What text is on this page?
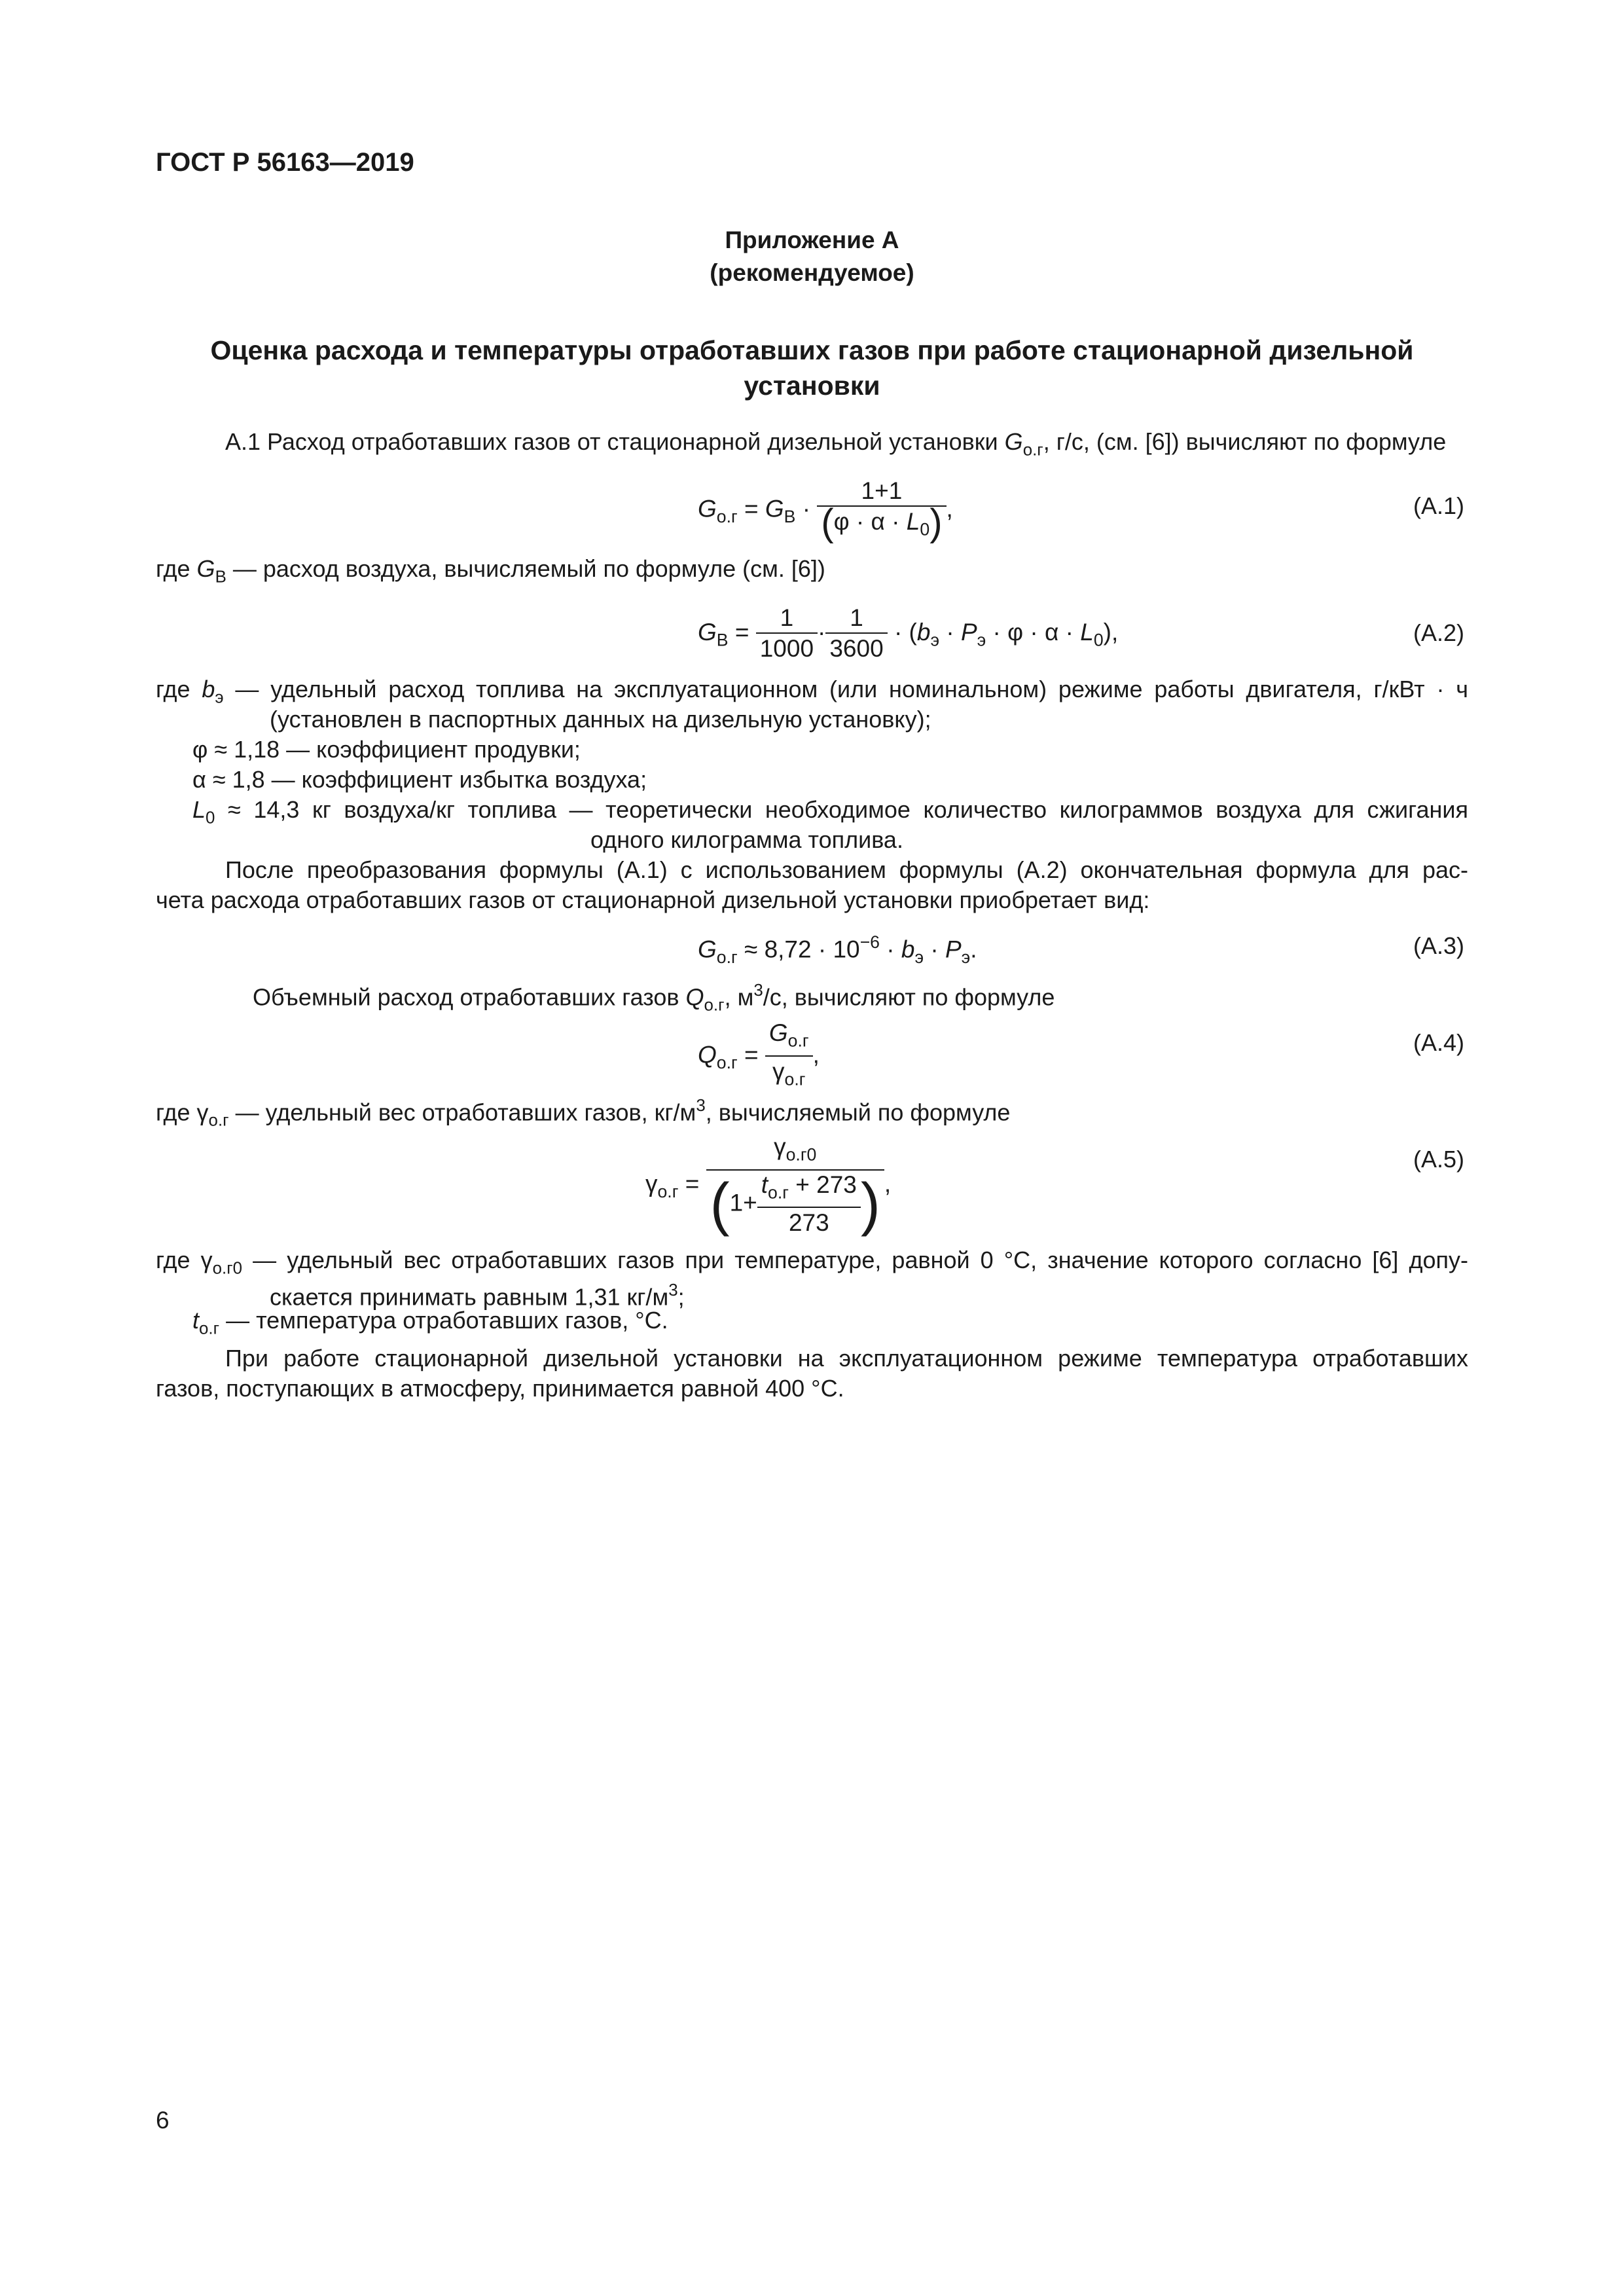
ГОСТ Р 56163—2019
Приложение А
(рекомендуемое)
Оценка расхода и температуры отработавших газов при работе стационарной дизельной
установки
А.1 Расход отработавших газов от стационарной дизельной установки $G_{о.г}$, г/с, (см. [6]) вычисляют по формуле
$G_{о.г} = G_В \cdot \frac{1+1}{(\varphi \cdot \alpha \cdot L_0)}$ ,	(А.1)
где $G_В$ — расход воздуха, вычисляемый по формуле (см. [6])
$G_В = \frac{1}{1000} \cdot \frac{1}{3600} \cdot (b_э \cdot P_э \cdot \varphi \cdot \alpha \cdot L_0)$,	(А.2)
где $b_э$ — удельный расход топлива на эксплуатационном (или номинальном) режиме работы двигателя, г/кВт · ч
(установлен в паспортных данных на дизельную установку);
φ ≈ 1,18 — коэффициент продувки;
α ≈ 1,8 — коэффициент избытка воздуха;
$L_0 \approx 14,3$ кг воздуха/кг топлива — теоретически необходимое количество килограммов воздуха для сжигания
одного килограмма топлива.
После преобразования формулы (А.1) с использованием формулы (А.2) окончательная формула для рас-
чета расхода отработавших газов от стационарной дизельной установки приобретает вид:
$G_{о.г} \approx 8,72 \cdot 10^{-6} \cdot b_э \cdot P_э$.	(А.3)
Объемный расход отработавших газов $Q_{о.г}$, $м^3/с$, вычисляют по формуле
$Q_{о.г} = \frac{G_{о.г}}{\gamma_{о.г}}$ ,	(А.4)
где $\gamma_{о.г}$ — удельный вес отработавших газов, $кг/м^3$, вычисляемый по формуле
$\gamma_{о.г} = \frac{\gamma_{о.г0}}{(1+ \frac{t_{о.г} + 273}{273} )}$ ,
(А.5)
где $\gamma_{о.г0}$ — удельный вес отработавших газов при температуре, равной 0 °С, значение которого согласно [6] допу-
скается принимать равным 1,31 $кг/м^3$;
$t_{о.г}$ — температура отработавших газов, °С.
При работе стационарной дизельной установки на эксплуатационном режиме температура отработавших
газов, поступающих в атмосферу, принимается равной 400 °С.
6
